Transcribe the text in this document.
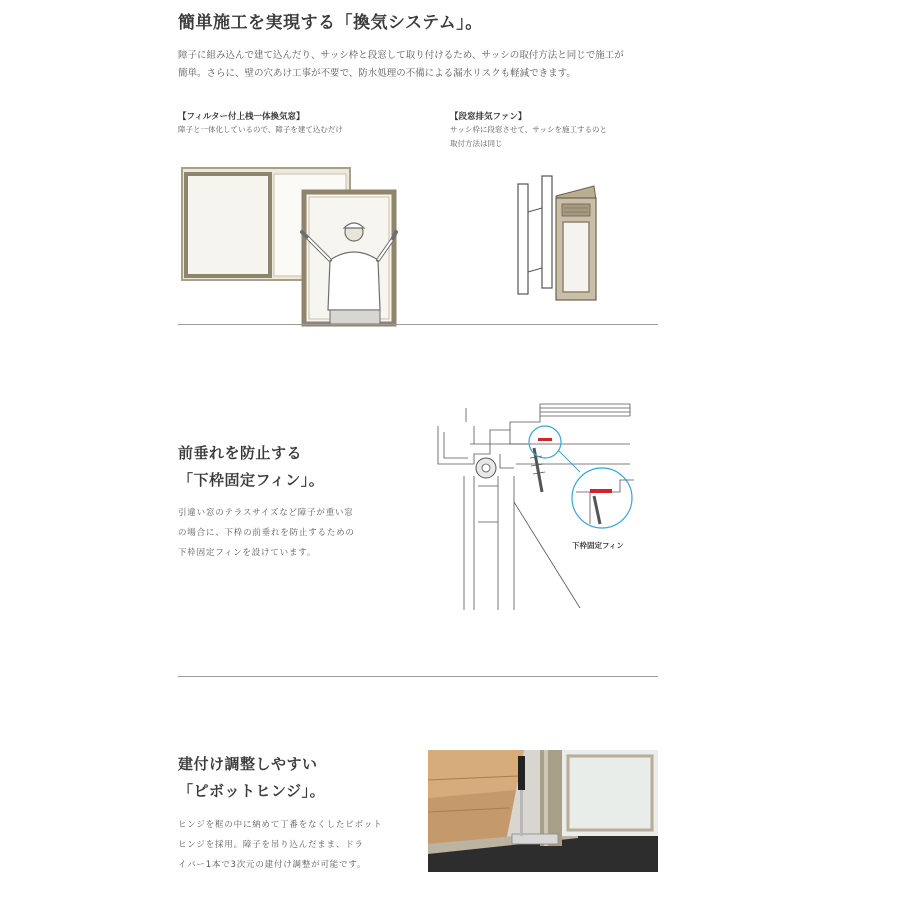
簡単施工を実現する「換気システム」。
障子に組み込んで建て込んだり、サッシ枠と段窓して取り付けるため、サッシの取付方法と同じで施工が
簡単。さらに、壁の穴あけ工事が不要で、防水処理の不備による漏水リスクも軽減できます。
【フィルター付上桟一体換気窓】
障子と一体化しているので、障子を建て込むだけ
【段窓排気ファン】
サッシ枠に段窓させて、サッシを施工するのと
取付方法は同じ
前垂れを防止する
「下枠固定フィン」。
引違い窓のテラスサイズなど障子が重い窓
の場合に、下枠の前垂れを防止するための
下枠固定フィンを設けています。
下枠固定フィン
建付け調整しやすい
「ピボットヒンジ」。
ヒンジを框の中に納めて丁番をなくしたピボット
ヒンジを採用。障子を吊り込んだまま、ドラ
イバー1本で3次元の建付け調整が可能です。
